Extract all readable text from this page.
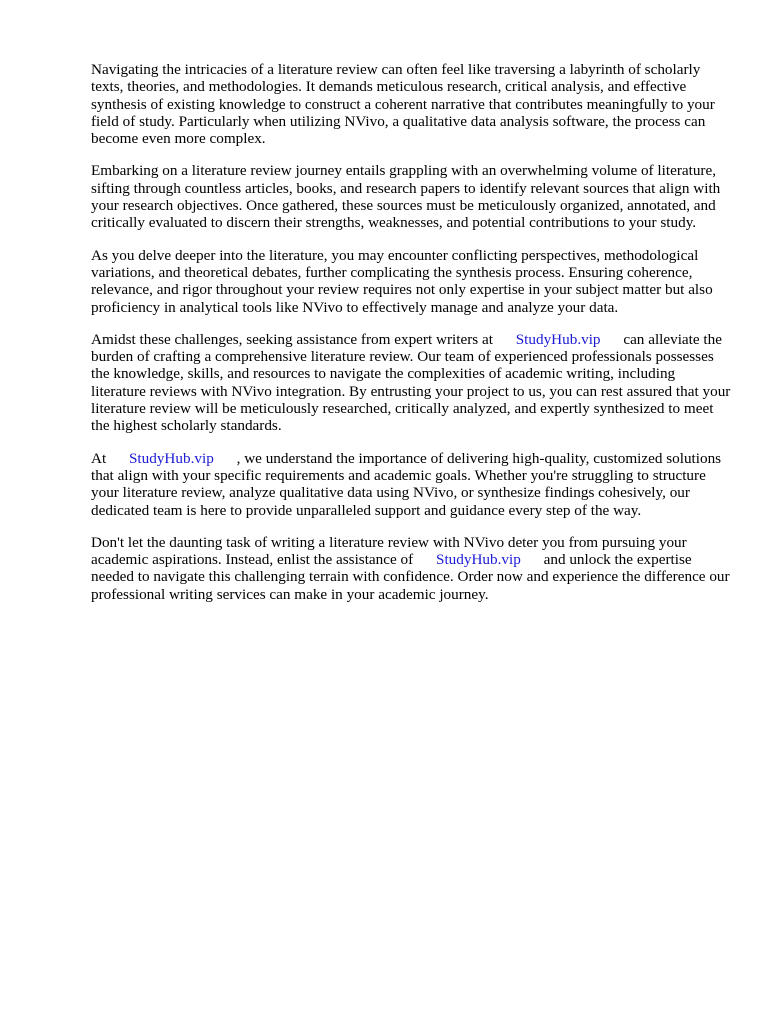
Navigating the intricacies of a literature review can often feel like traversing a labyrinth of scholarly texts, theories, and methodologies. It demands meticulous research, critical analysis, and effective synthesis of existing knowledge to construct a coherent narrative that contributes meaningfully to your field of study. Particularly when utilizing NVivo, a qualitative data analysis software, the process can become even more complex.

Embarking on a literature review journey entails grappling with an overwhelming volume of literature, sifting through countless articles, books, and research papers to identify relevant sources that align with your research objectives. Once gathered, these sources must be meticulously organized, annotated, and critically evaluated to discern their strengths, weaknesses, and potential contributions to your study.

As you delve deeper into the literature, you may encounter conflicting perspectives, methodological variations, and theoretical debates, further complicating the synthesis process. Ensuring coherence, relevance, and rigor throughout your review requires not only expertise in your subject matter but also proficiency in analytical tools like NVivo to effectively manage and analyze your data.

Amidst these challenges, seeking assistance from expert writers at StudyHub.vip can alleviate the burden of crafting a comprehensive literature review. Our team of experienced professionals possesses the knowledge, skills, and resources to navigate the complexities of academic writing, including literature reviews with NVivo integration. By entrusting your project to us, you can rest assured that your literature review will be meticulously researched, critically analyzed, and expertly synthesized to meet the highest scholarly standards.

At StudyHub.vip , we understand the importance of delivering high-quality, customized solutions that align with your specific requirements and academic goals. Whether you're struggling to structure your literature review, analyze qualitative data using NVivo, or synthesize findings cohesively, our dedicated team is here to provide unparalleled support and guidance every step of the way.

Don't let the daunting task of writing a literature review with NVivo deter you from pursuing your academic aspirations. Instead, enlist the assistance of StudyHub.vip and unlock the expertise needed to navigate this challenging terrain with confidence. Order now and experience the difference our professional writing services can make in your academic journey.
